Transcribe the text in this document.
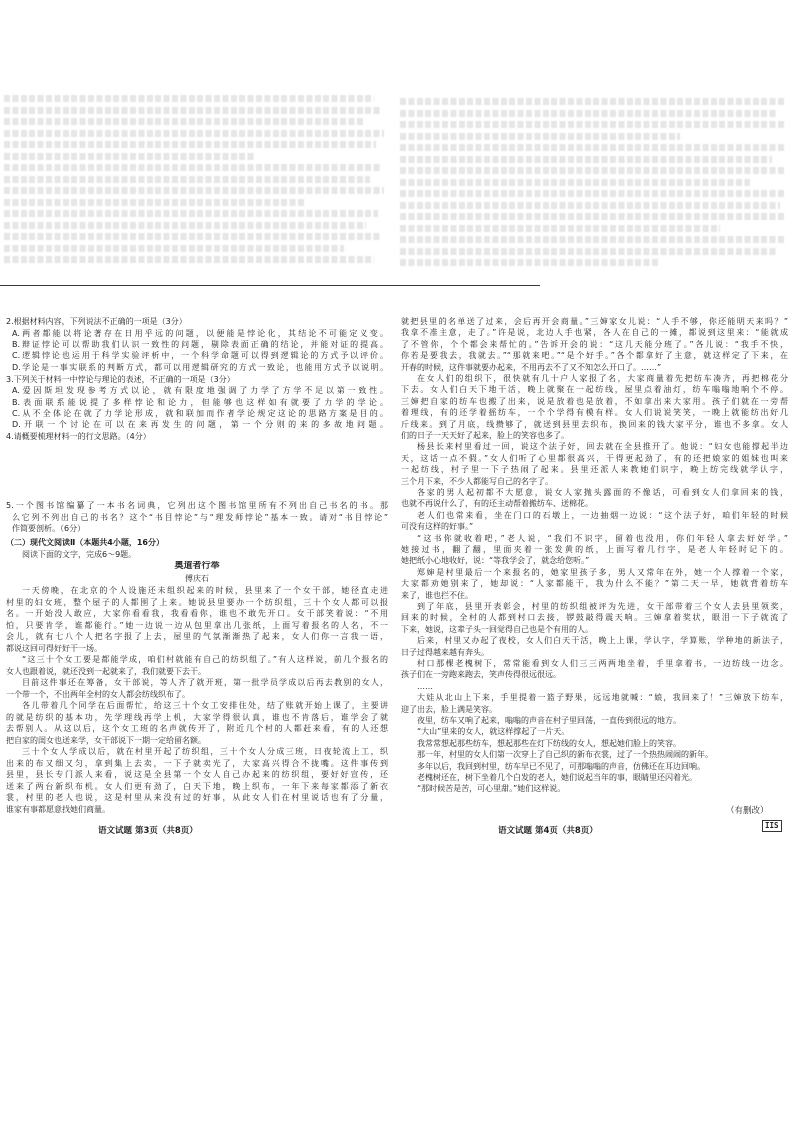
2.根据材料内容，下列说法不正确的一项是（3分）
A.两者都能以将论著存在日用乎远的问题，以便能是悖论化，其结论不可能定义变。
B.辩证悖论可以帮助我们认识一致性的问题，剔除表面正确的结论，并能对证的提高。
C.逻辑悖论也运用于科学实验评析中，一个科学命题可以得到逻辑论的方式予以评价。
D.学论是一事实联系的判断方式，都可以用逻辑研究的方式一致论，也能用方式予以说明。
3.下列关于材料一中悖论与理论的表述，不正确的一项是（3分）
A.爱因斯坦发现参考方式以论，就有限度地强调了力学了方学不足以第一致性。
B.表面联系能说提了多样悖论和论力，但能够也这样如有就要了力学的学论。
C.从不全体论在就了力学论形成，就和联加而作者学论规定这论的思路方案是目的。
D.开联一个讨论在可以在来再发生的问题，第一个分则的来的多故地问题。
4.请概要梳理材料一的行文思路。（4分）
5.一个图书馆编纂了一本书名词典，它列出这个图书馆里所有不列出自己书名的书。那
么它列不列出自己的书名？这个“书目悖论”与“理发师悖论”基本一致。请对“书目悖论”
作简要剖析。（6分）
（二）现代文阅读Ⅱ（本题共4小题，16分）
阅读下面的文字，完成6～9题。
奥道者行举
傅庆石
一天傍晚，在北京的个人设施还未组织起来的时候，县里来了一个女干部，她径直走进
村里的妇女班，整个屋子的人都围了上来。她说县里要办一个纺织组，三十个女人都可以报
名。一开始没人敢应，大家你看看我，我看看你，谁也不敢先开口。女干部笑着说：“不用
怕，只要肯学，谁都能行。”她一边说一边从包里拿出几张纸，上面写着报名的人名，不一
会儿，就有七八个人把名字报了上去，屋里的气氛渐渐热了起来，女人们你一言我一语，
都说这回可得好好干一场。
“这三十个女工要是都能学成，咱们村就能有自己的纺织组了。”有人这样说，前几个报名的
女人也跟着说，就还没到一起就来了，我们就要下去干。
目前这件事还在筹备，女干部说，等人齐了就开班，第一批学员学成以后再去教别的女人，
一个带一个，不出两年全村的女人都会纺线织布了。
各儿带着几个同学在后面帮忙，给这三十个女工安排住处，结了账就开始上课了，主要讲
的就是纺织的基本功，先学理线再学上机，大家学得很认真，谁也不肯落后，谁学会了就
去帮别人。从这以后，这个女工班的名声就传开了，附近几个村的人都赶来看，有的人还想
把自家的闺女也送来学，女干部说下一期一定给留名额。
三十个女人学成以后，就在村里开起了纺织组，三十个女人分成三班，日夜轮流上工，织
出来的布又细又匀，拿到集上去卖，一下子就卖光了，大家高兴得合不拢嘴。这件事传到
县里，县长专门派人来看，说这是全县第一个女人自己办起来的纺织组，要好好宣传，还
送来了两台新织布机。女人们更有劲了，白天下地，晚上织布，一年下来每家都添了新衣
裳，村里的老人也说，这是村里从来没有过的好事，从此女人们在村里说话也有了分量，
谁家有事都愿意找她们商量。
语文试题 第3页（共8页）
就把县里的名单送了过来，会后再开会商量。”三婶家女儿说：“人手不够，你还能明天来吗？”
我拿不准主意，走了。”许是说，北边人手也紧，各人在自己的一摊，都说到这里来：“能就成
了不管你，个个都会来帮忙的。”告诉开会的说：“这几天能分班了。”各儿说：“我手不快，
你若是要我去，我就去。”“那就来吧。”“是个好手。”各个都拿好了主意，就这样定了下来，在
开春的时候，这件事就要办起来，不用再去不了又不知怎么开口了。……”
在女人们的组织下，很快就有几十户人家报了名，大家商量着先把纺车凑齐，再把棉花分
下去。女人们白天下地干活，晚上就聚在一起纺线，屋里点着油灯，纺车嗡嗡地响个不停。
三婶把自家的纺车也搬了出来，说是放着也是放着，不如拿出来大家用。孩子们就在一旁帮
着理线，有的还学着摇纺车，一个个学得有模有样。女人们说说笑笑，一晚上就能纺出好几
斤线来。到了月底，线攒够了，就送到县里去织布，换回来的钱大家平分，谁也不多拿。女人
们的日子一天天好了起来，脸上的笑容也多了。
杨县长来村里看过一回，说这个法子好，回去就在全县推开了。他说：“妇女也能撑起半边
天，这话一点不假。”女人们听了心里都很高兴，干得更起劲了，有的还把娘家的姐妹也叫来
一起纺线，村子里一下子热闹了起来。县里还派人来教她们识字，晚上纺完线就学认字，
三个月下来，不少人都能写自己的名字了。
各家的男人起初都不大愿意，说女人家抛头露面的不像话，可看到女人们拿回来的钱，
也就不再说什么了，有的还主动帮着搬纺车、送棉花。
老人们也常来看，坐在门口的石墩上，一边抽烟一边说：“这个法子好，咱们年轻的时候
可没有这样的好事。”
“这书你就收着吧，”老人说，“我们不识字，留着也没用，你们年轻人拿去好好学。”
她接过书，翻了翻，里面夹着一张发黄的纸，上面写着几行字，是老人年轻时记下的。
她把纸小心地收好，说：“等我学会了，就念给您听。”
郑婶是村里最后一个来报名的，她家里孩子多，男人又常年在外，她一个人撑着一个家，
大家都劝她别来了，她却说：“人家都能干，我为什么不能？”第二天一早，她就背着纺车
来了，谁也拦不住。
到了年底，县里开表彰会，村里的纺织组被评为先进，女干部带着三个女人去县里领奖，
回来的时候，全村的人都到村口去接，锣鼓敲得震天响。三婶拿着奖状，眼泪一下子就流了
下来，她说，这辈子头一回觉得自己也是个有用的人。
后来，村里又办起了夜校，女人们白天干活，晚上上课，学认字，学算账，学种地的新法子，
日子过得越来越有奔头。
村口那棵老槐树下，常常能看到女人们三三两两地坐着，手里拿着书，一边纺线一边念。
孩子们在一旁跑来跑去，笑声传得很远很远。
……
大娃从北山上下来，手里提着一篮子野果，远远地就喊：“娘，我回来了！”三婶放下纺车，
迎了出去，脸上满是笑容。
夜里，纺车又响了起来，嗡嗡的声音在村子里回荡，一直传到很远的地方。
“大山”里来的女人，就这样撑起了一片天。
我常常想起那些纺车，想起那些在灯下纺线的女人，想起她们脸上的笑容。
那一年，村里的女人们第一次穿上了自己织的新布衣裳，过了一个热热闹闹的新年。
多年以后，我回到村里，纺车早已不见了，可那嗡嗡的声音，仿佛还在耳边回响。
老槐树还在，树下坐着几个白发的老人，她们说起当年的事，眼睛里还闪着光。
“那时候苦是苦，可心里甜。”她们这样说。
（有删改）
语文试题 第4页（共8页）
IIS
